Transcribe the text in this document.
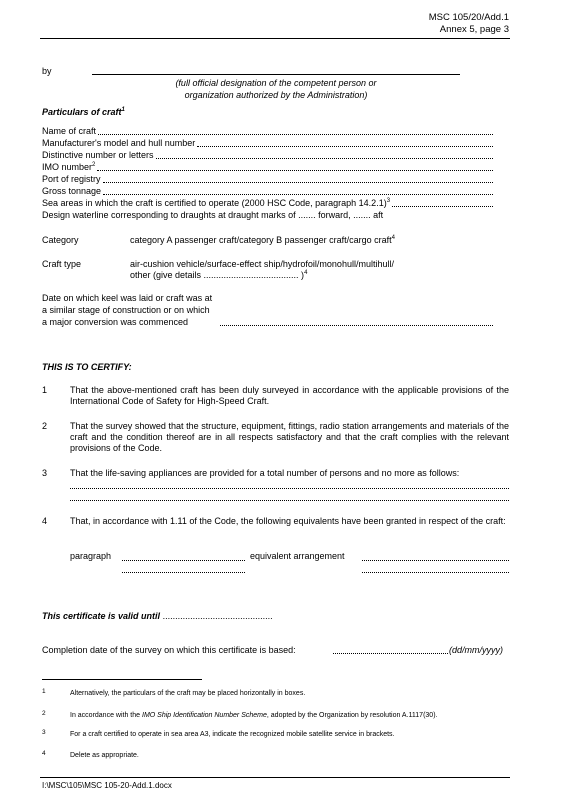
MSC 105/20/Add.1
Annex 5, page 3
by
(full official designation of the competent person or
organization authorized by the Administration)
Particulars of craft$^1$
Name of craft
Manufacturer's model and hull number
Distinctive number or letters
IMO number$^2$
Port of registry
Gross tonnage
Sea areas in which the craft is certified to operate (2000 HSC Code, paragraph 14.2.1)$^3$
Design waterline corresponding to draughts at draught marks of ....... forward, ....... aft
Category	category A passenger craft/category B passenger craft/cargo craft$^4$
Craft type	air-cushion vehicle/surface-effect ship/hydrofoil/monohull/multihull/
other (give details ...................................... )$^4$
Date on which keel was laid or craft was at
a similar stage of construction or on which
a major conversion was commenced
THIS IS TO CERTIFY:
1	That the above-mentioned craft has been duly surveyed in accordance with the applicable provisions of the International Code of Safety for High-Speed Craft.
2	That the survey showed that the structure, equipment, fittings, radio station arrangements and materials of the craft and the condition thereof are in all respects satisfactory and that the craft complies with the relevant provisions of the Code.
3	That the life-saving appliances are provided for a total number of persons and no more as follows:
4	That, in accordance with 1.11 of the Code, the following equivalents have been granted in respect of the craft:
paragraph	equivalent arrangement
This certificate is valid until ............................................
Completion date of the survey on which this certificate is based:	(dd/mm/yyyy)
1	Alternatively, the particulars of the craft may be placed horizontally in boxes.
2	In accordance with the IMO Ship Identification Number Scheme, adopted by the Organization by resolution A.1117(30).
3	For a craft certified to operate in sea area A3, indicate the recognized mobile satellite service in brackets.
4	Delete as appropriate.
I:\MSC\105\MSC 105-20-Add.1.docx
